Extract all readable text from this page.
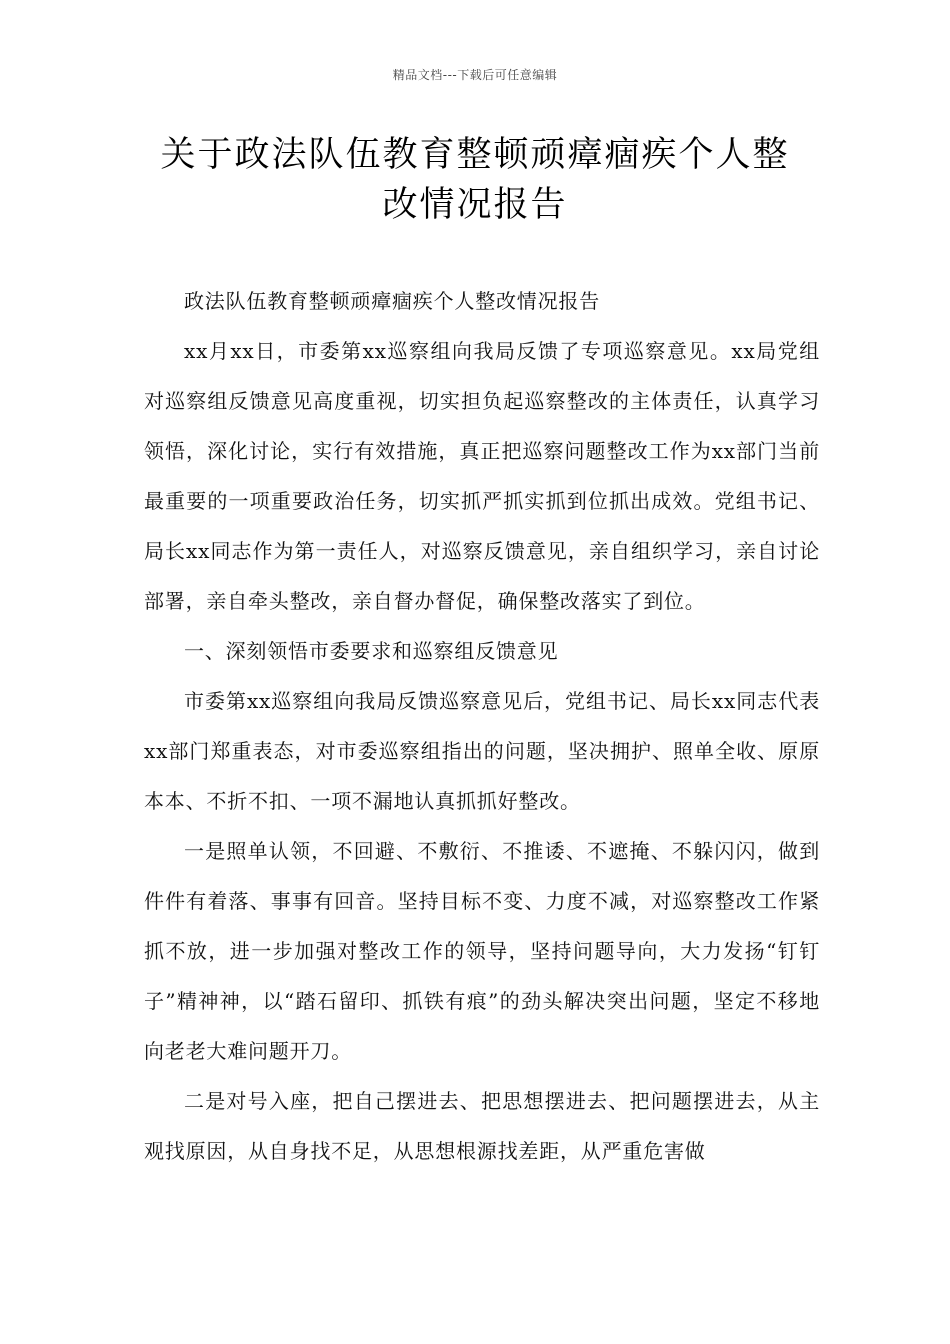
精品文档---下载后可任意编辑
关于政法队伍教育整顿顽瘴痼疾个人整
改情况报告

政法队伍教育整顿顽瘴痼疾个人整改情况报告

xx月xx日，市委第xx巡察组向我局反馈了专项巡察意见。xx局党组对巡察组反馈意见高度重视，切实担负起巡察整改的主体责任，认真学习领悟，深化讨论，实行有效措施，真正把巡察问题整改工作为xx部门当前最重要的一项重要政治任务，切实抓严抓实抓到位抓出成效。党组书记、局长xx同志作为第一责任人，对巡察反馈意见，亲自组织学习，亲自讨论部署，亲自牵头整改，亲自督办督促，确保整改落实了到位。

一、深刻领悟市委要求和巡察组反馈意见

市委第xx巡察组向我局反馈巡察意见后，党组书记、局长xx同志代表xx部门郑重表态，对市委巡察组指出的问题，坚决拥护、照单全收、原原本本、不折不扣、一项不漏地认真抓抓好整改。

一是照单认领，不回避、不敷衍、不推诿、不遮掩、不躲闪闪，做到件件有着落、事事有回音。坚持目标不变、力度不减，对巡察整改工作紧抓不放，进一步加强对整改工作的领导，坚持问题导向，大力发扬“钉钉子”精神神，以“踏石留印、抓铁有痕”的劲头解决突出问题，坚定不移地向老老大难问题开刀。

二是对号入座，把自己摆进去、把思想摆进去、把问题摆进去，从主观找原因，从自身找不足，从思想根源找差距，从严重危害做
